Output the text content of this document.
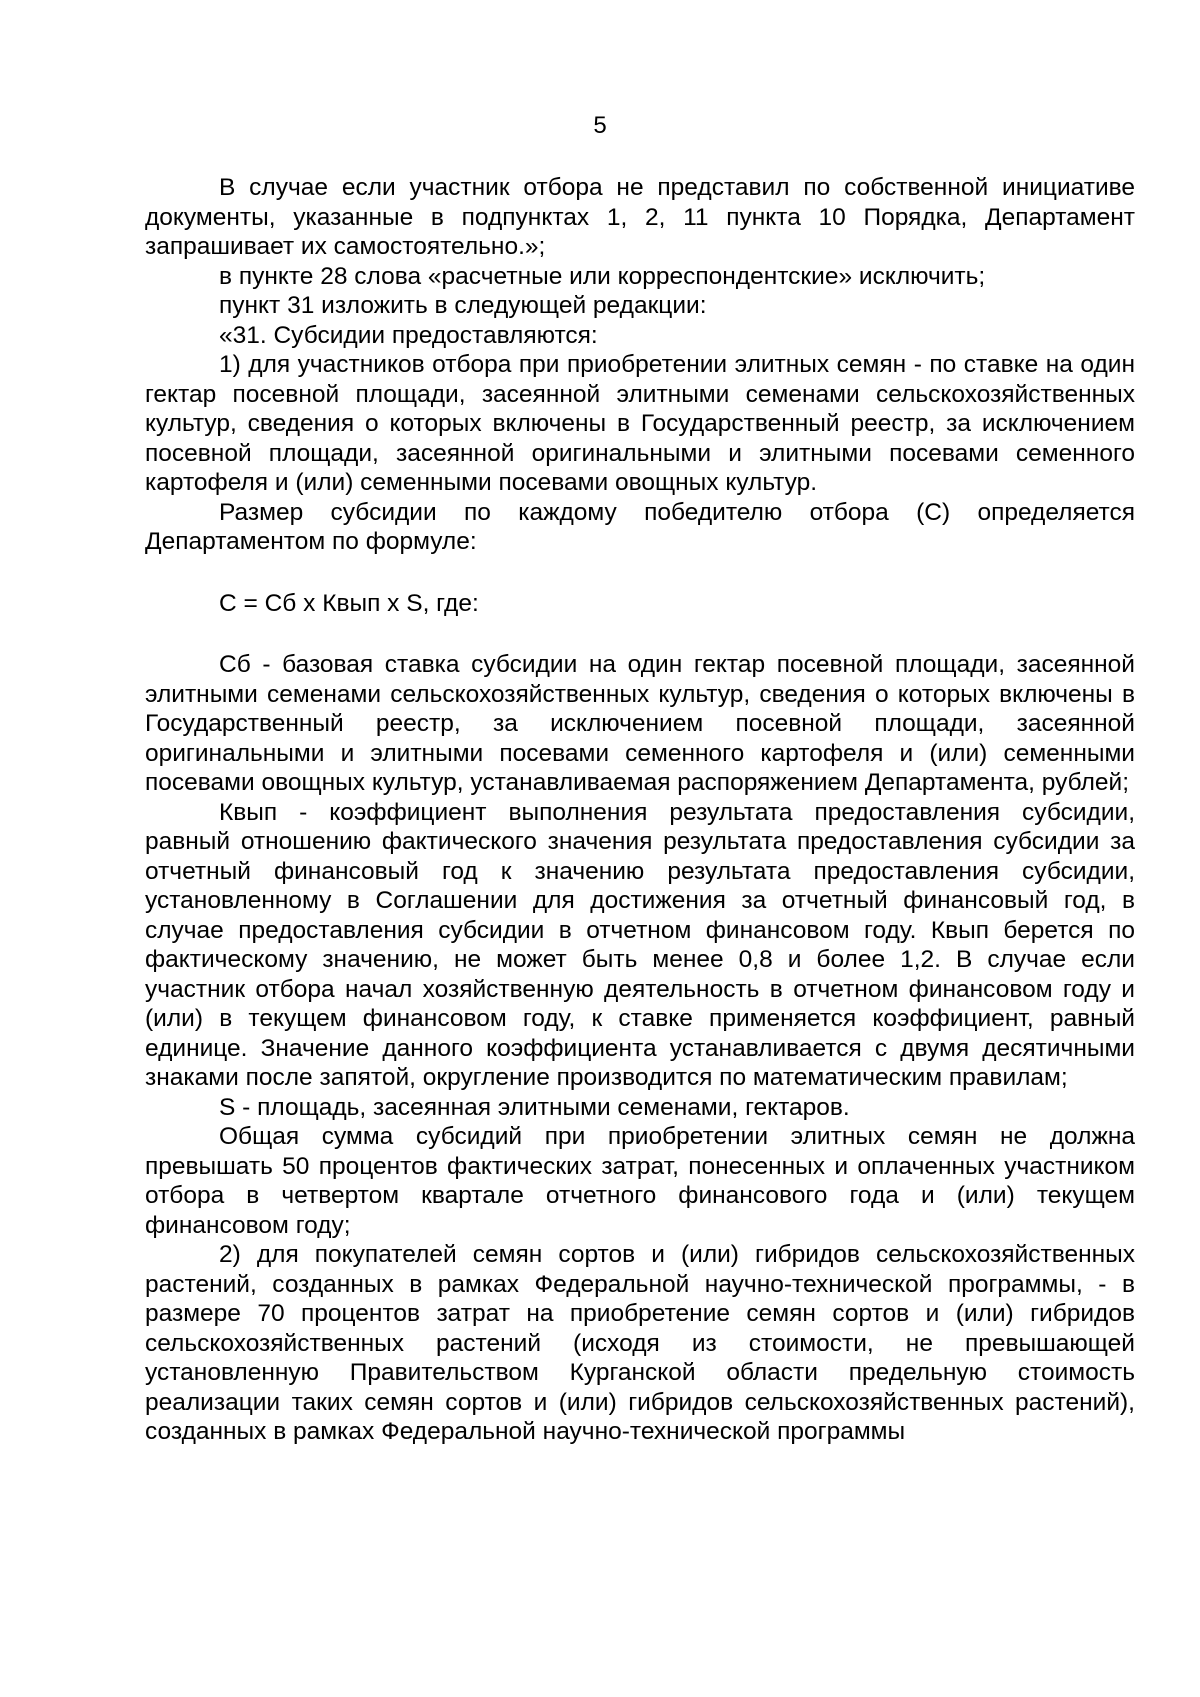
5

В случае если участник отбора не представил по собственной инициативе документы, указанные в подпунктах 1, 2, 11 пункта 10 Порядка, Департамент запрашивает их самостоятельно.»;

в пункте 28 слова «расчетные или корреспондентские» исключить;

пункт 31 изложить в следующей редакции:

«31. Субсидии предоставляются:

1) для участников отбора при приобретении элитных семян - по ставке на один гектар посевной площади, засеянной элитными семенами сельскохозяйственных культур, сведения о которых включены в Государственный реестр, за исключением посевной площади, засеянной оригинальными и элитными посевами семенного картофеля и (или) семенными посевами овощных культур.

Размер субсидии по каждому победителю отбора (С) определяется Департаментом по формуле:

С = Сб х Квып х S, где:

Сб - базовая ставка субсидии на один гектар посевной площади, засеянной элитными семенами сельскохозяйственных культур, сведения о которых включены в Государственный реестр, за исключением посевной площади, засеянной оригинальными и элитными посевами семенного картофеля и (или) семенными посевами овощных культур, устанавливаемая распоряжением Департамента, рублей;

Квып - коэффициент выполнения результата предоставления субсидии, равный отношению фактического значения результата предоставления субсидии за отчетный финансовый год к значению результата предоставления субсидии, установленному в Соглашении для достижения за отчетный финансовый год, в случае предоставления субсидии в отчетном финансовом году. Квып берется по фактическому значению, не может быть менее 0,8 и более 1,2. В случае если участник отбора начал хозяйственную деятельность в отчетном финансовом году и (или) в текущем финансовом году, к ставке применяется коэффициент, равный единице. Значение данного коэффициента устанавливается с двумя десятичными знаками после запятой, округление производится по математическим правилам;

S - площадь, засеянная элитными семенами, гектаров.

Общая сумма субсидий при приобретении элитных семян не должна превышать 50 процентов фактических затрат, понесенных и оплаченных участником отбора в четвертом квартале отчетного финансового года и (или) текущем финансовом году;

2) для покупателей семян сортов и (или) гибридов сельскохозяйственных растений, созданных в рамках Федеральной научно-технической программы, - в размере 70 процентов затрат на приобретение семян сортов и (или) гибридов сельскохозяйственных растений (исходя из стоимости, не превышающей установленную Правительством Курганской области предельную стоимость реализации таких семян сортов и (или) гибридов сельскохозяйственных растений), созданных в рамках Федеральной научно-технической программы
